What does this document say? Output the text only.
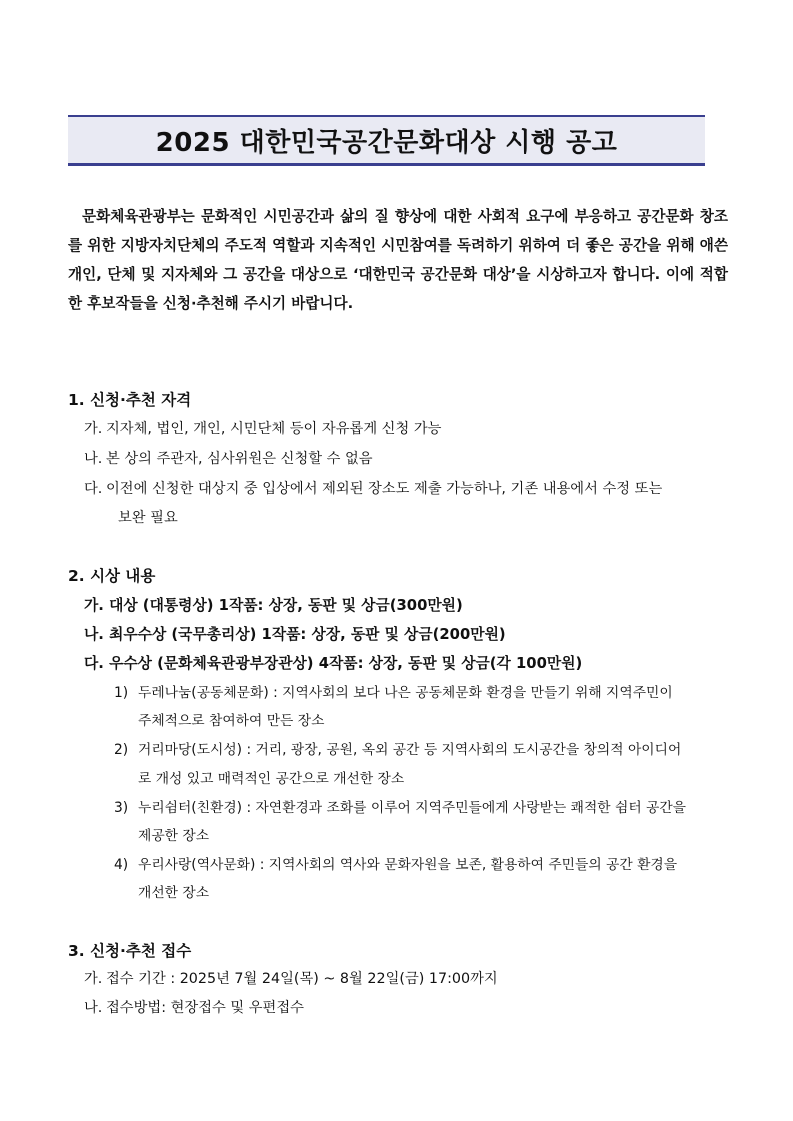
2025 대한민국공간문화대상 시행 공고
문화체육관광부는 문화적인 시민공간과 삶의 질 향상에 대한 사회적 요구에 부응하고 공간문화 창조를 위한 지방자치단체의 주도적 역할과 지속적인 시민참여를 독려하기 위하여 더 좋은 공간을 위해 애쓴 개인, 단체 및 지자체와 그 공간을 대상으로 ‘대한민국 공간문화 대상’을 시상하고자 합니다. 이에 적합한 후보작들을 신청·추천해 주시기 바랍니다.
1. 신청·추천 자격
가. 지자체, 법인, 개인, 시민단체 등이 자유롭게 신청 가능
나. 본 상의 주관자, 심사위원은 신청할 수 없음
다. 이전에 신청한 대상지 중 입상에서 제외된 장소도 제출 가능하나, 기존 내용에서 수정 또는
보완 필요
2. 시상 내용
가. 대상 (대통령상) 1작품: 상장, 동판 및 상금(300만원)
나. 최우수상 (국무총리상) 1작품: 상장, 동판 및 상금(200만원)
다. 우수상 (문화체육관광부장관상) 4작품: 상장, 동판 및 상금(각 100만원)
1) 두레나눔(공동체문화) : 지역사회의 보다 나은 공동체문화 환경을 만들기 위해 지역주민이
주체적으로 참여하여 만든 장소
2) 거리마당(도시성) : 거리, 광장, 공원, 옥외 공간 등 지역사회의 도시공간을 창의적 아이디어
로 개성 있고 매력적인 공간으로 개선한 장소
3) 누리쉼터(친환경) : 자연환경과 조화를 이루어 지역주민들에게 사랑받는 쾌적한 쉼터 공간을
제공한 장소
4) 우리사랑(역사문화) : 지역사회의 역사와 문화자원을 보존, 활용하여 주민들의 공간 환경을
개선한 장소
3. 신청·추천 접수
가. 접수 기간 : 2025년 7월 24일(목) ~ 8월 22일(금) 17:00까지
나. 접수방법: 현장접수 및 우편접수
